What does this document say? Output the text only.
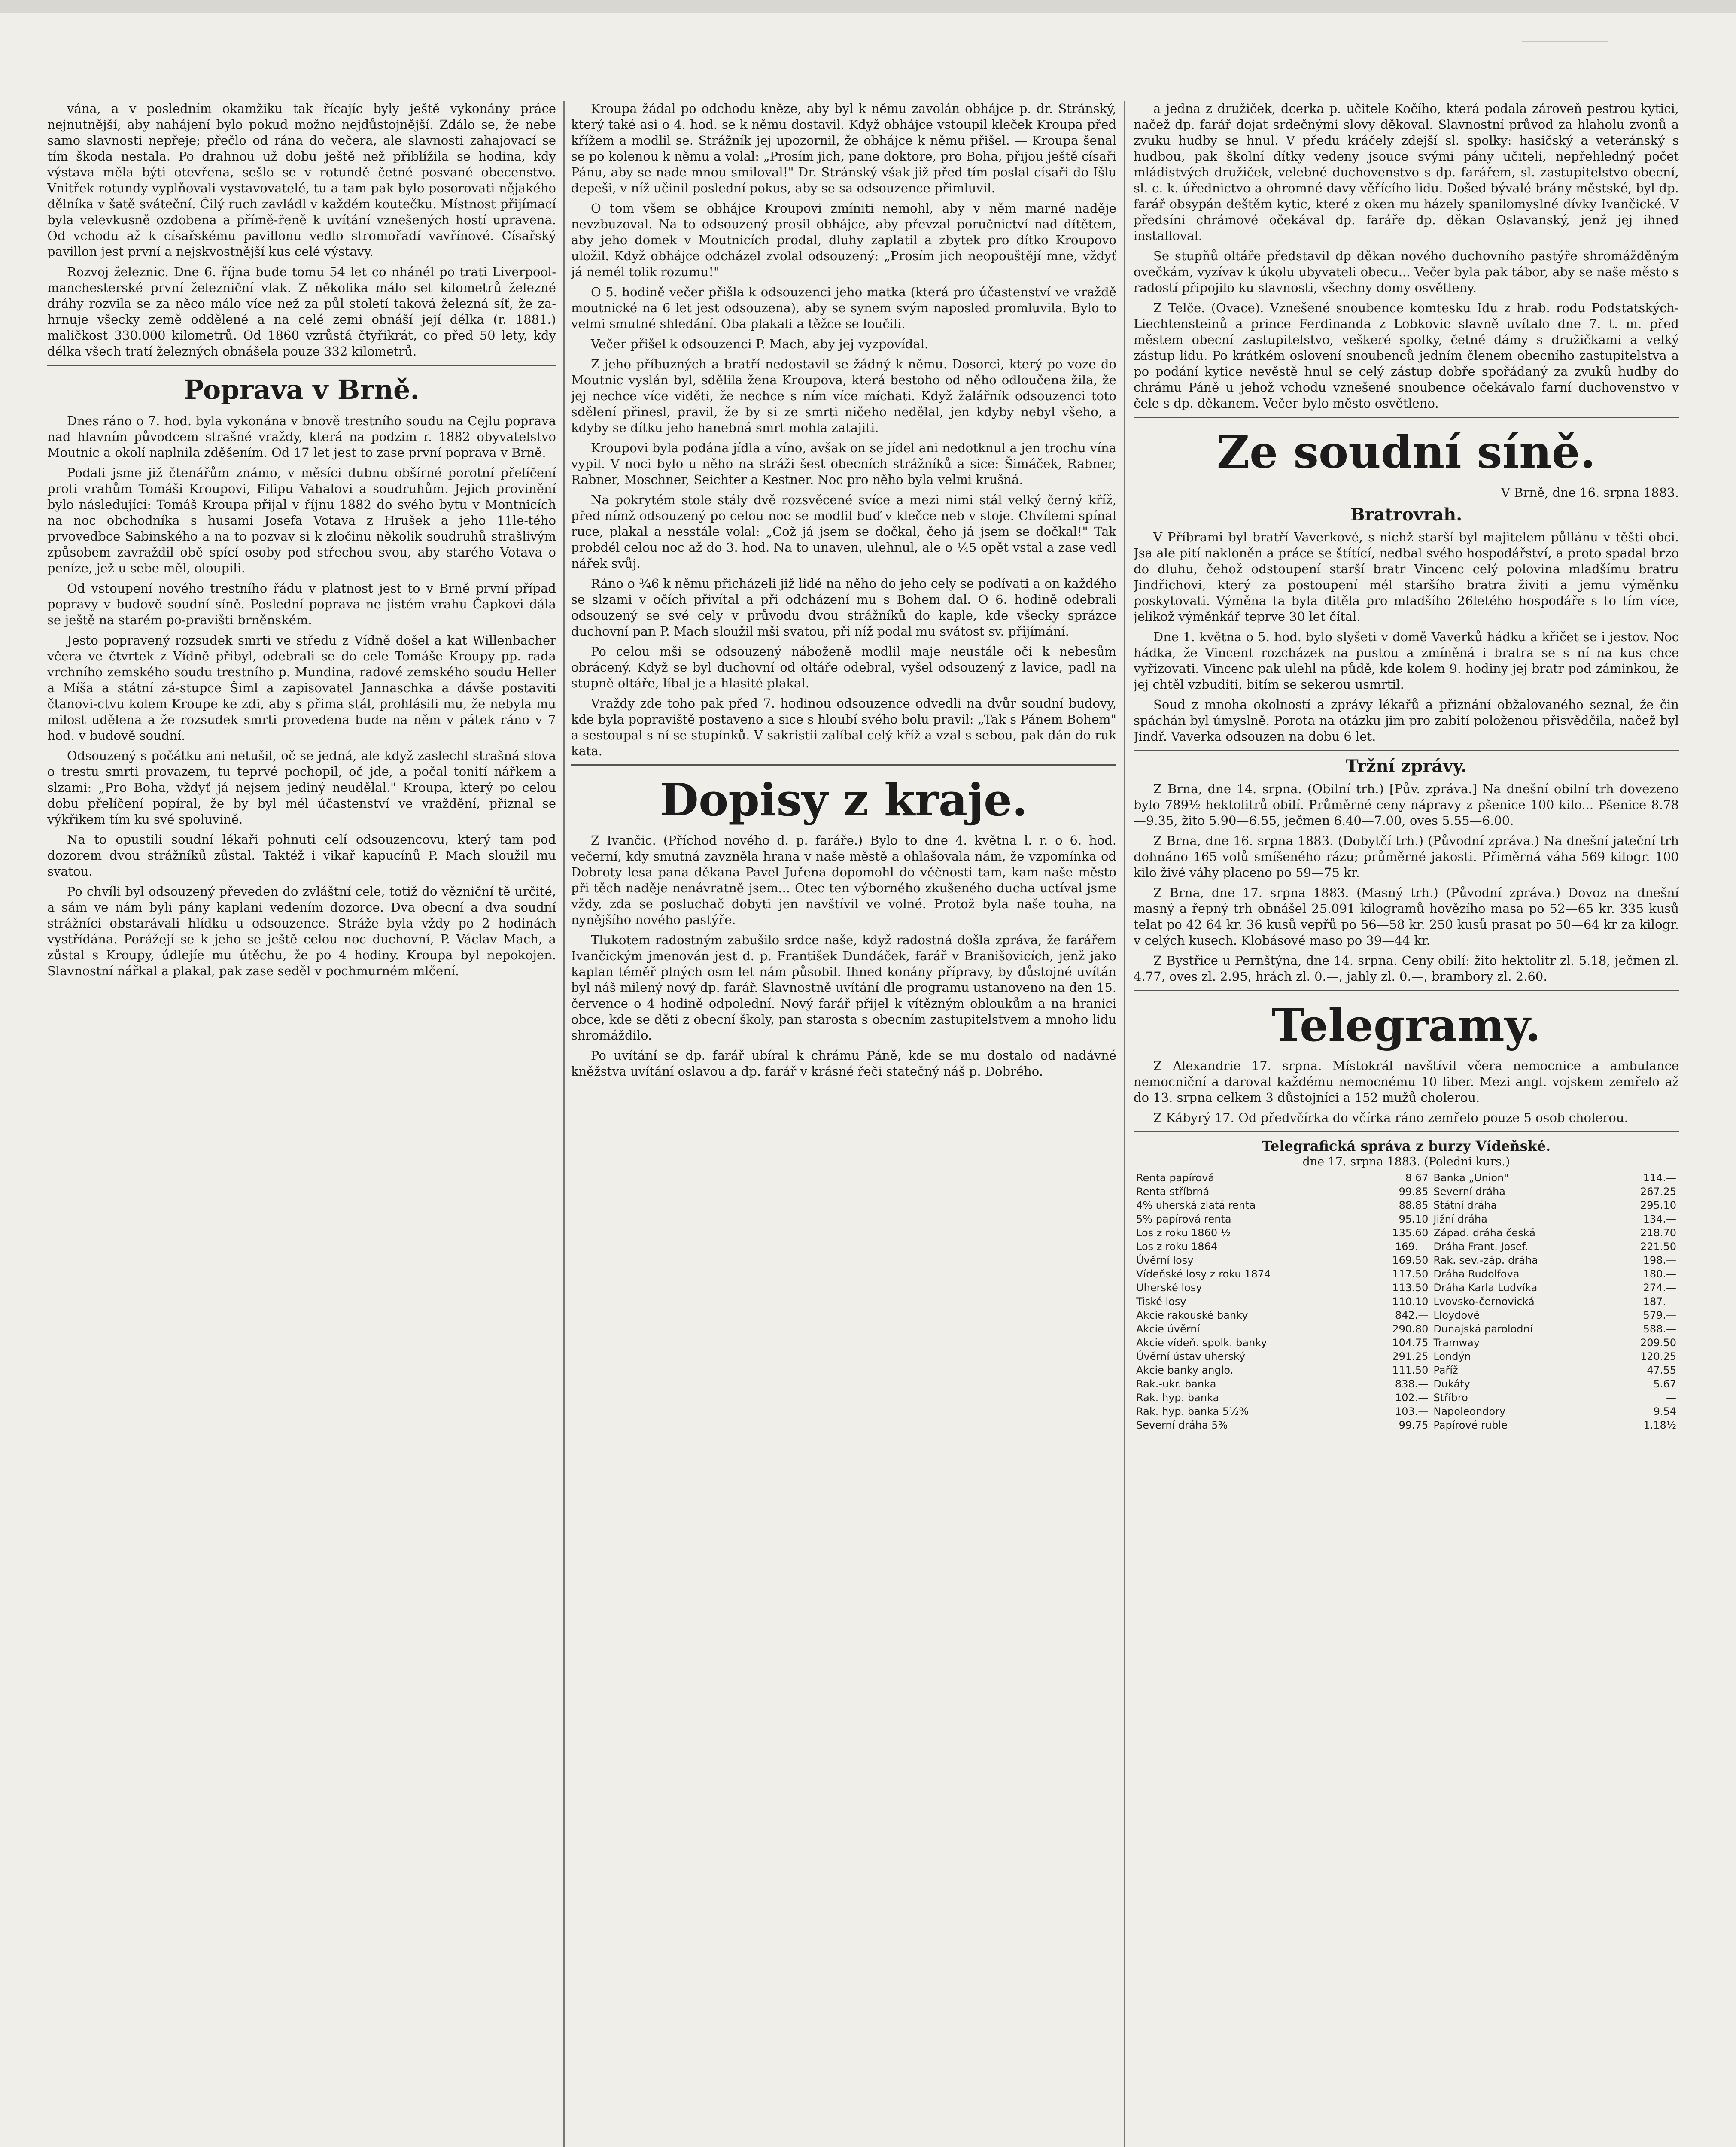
vána, a v posledním okamžiku tak řícajíc byly ještě vykonány práce nejnutnější, aby nahájení bylo pokud možno nejdůstojnější. Zdálo se, že nebe samo slavnosti nepřeje; přečlo od rána do večera, ale slavnosti zahajovací se tím škoda nestala. Po drahnou už dobu ještě než přiblížila se hodina, kdy výstava měla býti otevřena, sešlo se v rotundě četné posvané obecenstvo. Vnitřek rotundy vyplňovali vystavovatelé, tu a tam pak bylo posorovati nějakého dělníka v šatě sváteční. Čilý ruch zavládl v každém koutečku. Místnost přijímací byla velevkusně ozdobena a přímě-řeně k uvítání vznešených hostí upravena. Od vchodu až k císařskému pavillonu vedlo stromořadí vavřínové. Císařský pavillon jest první a nejskvostnější kus celé výstavy.

Rozvoj železnic. Dne 6. října bude tomu 54 let co nhánél po trati Liverpool-manchesterské první železniční vlak. Z několika málo set kilometrů železné dráhy rozvila se za něco málo více než za půl století taková železná síť, že za-hrnuje všecky země oddělené a na celé zemi obnáší její délka (r. 1881.) maličkost 330.000 kilometrů. Od 1860 vzrůstá čtyřikrát, co před 50 lety, kdy délka všech tratí železných obnášela pouze 332 kilometrů.

Poprava v Brně.

Dnes ráno o 7. hod. byla vykonána v bnově trestního soudu na Cejlu poprava nad hlavním původcem strašné vraždy, která na podzim r. 1882 obyvatelstvo Moutnic a okolí naplnila zděšením. Od 17 let jest to zase první poprava v Brně.

Podali jsme již čtenářům známo, v měsíci dubnu obšírné porotní přelíčení proti vrahům Tomáši Kroupovi, Filipu Vahalovi a soudruhům. Jejich provinění bylo následující: Tomáš Kroupa přijal v říjnu 1882 do svého bytu v Montnicích na noc obchodníka s husami Josefa Votava z Hrušek a jeho 11le-tého prvovedbce Sabinského a na to pozvav si k zločinu několik soudruhů strašlivým způsobem zavraždil obě spící osoby pod střechou svou, aby starého Votava o peníze, jež u sebe měl, oloupili.

Od vstoupení nového trestního řádu v platnost jest to v Brně první případ popravy v budově soudní síně. Poslední poprava ne jistém vrahu Čapkovi dála se ještě na starém po-pravišti brněnském.

Jesto popravený rozsudek smrti ve středu z Vídně došel a kat Willenbacher včera ve čtvrtek z Vídně přibyl, odebrali se do cele Tomáše Kroupy pp. rada vrchního zemského soudu trestního p. Mundina, radové zemského soudu Heller a Míša a státní zá-stupce Šiml a zapisovatel Jannaschka a dávše postaviti čtanovi-ctvu kolem Kroupe ke zdi, aby s přima stál, prohlásili mu, že nebyla mu milost udělena a že rozsudek smrti provedena bude na něm v pátek ráno v 7 hod. v budově soudní.

Odsouzený s počátku ani netušil, oč se jedná, ale když zaslechl strašná slova o trestu smrti provazem, tu teprvé pochopil, oč jde, a počal tonití nářkem a slzami: „Pro Boha, vždyť já nejsem jediný neudělal." Kroupa, který po celou dobu přelíčení popíral, že by byl mél účastenství ve vraždění, přiznal se výkřikem tím ku své spoluvině.

Na to opustili soudní lékaři pohnuti celí odsouzencovu, který tam pod dozorem dvou strážníků zůstal. Taktéž i vikař kapucínů P. Mach sloužil mu svatou.

Po chvíli byl odsouzený převeden do zvláštní cele, totiž do vězniční tě určité, a sám ve nám byli pány kaplani vedením dozorce. Dva obecní a dva soudní strážníci obstarávali hlídku u odsouzence. Stráže byla vždy po 2 hodinách vystřídána. Porážejí se k jeho se ještě celou noc duchovní, P. Václav Mach, a zůstal s Kroupy, údlejíe mu útěchu, že po 4 hodiny. Kroupa byl nepokojen. Slavnostní nářkal a plakal, pak zase seděl v pochmurném mlčení.

Kroupa žádal po odchodu kněze, aby byl k němu zavolán obhájce p. dr. Stránský, který také asi o 4. hod. se k němu dostavil. Když obhájce vstoupil kleček Kroupa před křížem a modlil se. Strážník jej upozornil, že obhájce k němu přišel. — Kroupa šenal se po kolenou k němu a volal: „Prosím jich, pane doktore, pro Boha, přijou ještě císaři Pánu, aby se nade mnou smiloval!" Dr. Stránský však již před tím poslal císaři do Išlu depeši, v níž učinil poslední pokus, aby se sa odsouzence přimluvil.

O tom všem se obhájce Kroupovi zmíniti nemohl, aby v něm marné naděje nevzbuzoval. Na to odsouzený prosil obhájce, aby převzal poručnictví nad dítětem, aby jeho domek v Moutnicích prodal, dluhy zaplatil a zbytek pro dítko Kroupovo uložil. Když obhájce odcházel zvolal odsouzený: „Prosím jich neopouštějí mne, vždyť já nemél tolik rozumu!"

O 5. hodině večer přišla k odsouzenci jeho matka (která pro účastenství ve vraždě moutnické na 6 let jest odsouzena), aby se synem svým naposled promluvila. Bylo to velmi smutné shledání. Oba plakali a těžce se loučili.

Večer přišel k odsouzenci P. Mach, aby jej vyzpovídal.

Z jeho příbuzných a bratří nedostavil se žádný k němu. Dosorci, který po voze do Moutnic vyslán byl, sdělila žena Kroupova, která bestoho od něho odloučena žila, že jej nechce více viděti, že nechce s ním více míchati. Když žalářník odsouzenci toto sdělení přinesl, pravil, že by si ze smrti ničeho nedělal, jen kdyby nebyl všeho, a kdyby se dítku jeho hanebná smrt mohla zatajiti.

Kroupovi byla podána jídla a víno, avšak on se jídel ani nedotknul a jen trochu vína vypil. V noci bylo u něho na stráži šest obecních strážníků a sice: Šimáček, Rabner, Rabner, Moschner, Seichter a Kestner. Noc pro něho byla velmi krušná.

Na pokrytém stole stály dvě rozsvěcené svíce a mezi nimi stál velký černý kříž, před nímž odsouzený po celou noc se modlil buď v klečce neb v stoje. Chvílemi spínal ruce, plakal a nesstále volal: „Což já jsem se dočkal, čeho já jsem se dočkal!" Tak probdél celou noc až do 3. hod. Na to unaven, ulehnul, ale o ¼5 opět vstal a zase vedl nářek svůj.

Ráno o ¾6 k němu přicházeli již lidé na něho do jeho cely se podívati a on každého se slzami v očích přivítal a při odcházení mu s Bohem dal. O 6. hodině odebrali odsouzený se své cely v průvodu dvou strážníků do kaple, kde všecky sprázce duchovní pan P. Mach sloužil mši svatou, při níž podal mu svátost sv. přijímání.

Po celou mši se odsouzený náboženě modlil maje neustále oči k nebesům obrácený. Když se byl duchovní od oltáře odebral, vyšel odsouzený z lavice, padl na stupně oltáře, líbal je a hlasité plakal.

Vraždy zde toho pak před 7. hodinou odsouzence odvedli na dvůr soudní budovy, kde byla popraviště postaveno a sice s hloubí svého bolu pravil: „Tak s Pánem Bohem" a sestoupal s ní se stupínků. V sakristii zalíbal celý kříž a vzal s sebou, pak dán do ruk kata.

Dopisy z kraje.

Z Ivančic. (Příchod nového d. p. faráře.) Bylo to dne 4. května l. r. o 6. hod. večerní, kdy smutná zavzněla hrana v naše městě a ohlašovala nám, že vzpomínka od Dobroty lesa pana děkana Pavel Juřena dopomohl do věčnosti tam, kam naše město při těch naděje nenávratně jsem... Otec ten výborného zkušeného ducha uctíval jsme vždy, zda se posluchač dobyti jen navštívil ve volné. Protož byla naše touha, na nynějšího nového pastýře.

Tlukotem radostným zabušilo srdce naše, když radostná došla zpráva, že farářem Ivančickým jmenován jest d. p. František Dundáček, farář v Branišovicích, jenž jako kaplan téměř plných osm let nám působil. Ihned konány přípravy, by důstojné uvítán byl náš milený nový dp. farář. Slavnostně uvítání dle programu ustanoveno na den 15. července o 4 hodině odpolední. Nový farář přijel k vítězným obloukům a na hranici obce, kde se děti z obecní školy, pan starosta s obecním zastupitelstvem a mnoho lidu shromáždilo.

Po uvítání se dp. farář ubíral k chrámu Páně, kde se mu dostalo od nadávné kněžstva uvítání oslavou a dp. farář v krásné řeči statečný náš p. Dobrého.

a jedna z družiček, dcerka p. učitele Kočího, která podala zároveň pestrou kytici, načež dp. farář dojat srdečnými slovy děkoval. Slavnostní průvod za hlaholu zvonů a zvuku hudby se hnul. V předu kráčely zdejší sl. spolky: hasičský a veteránský s hudbou, pak školní dítky vedeny jsouce svými pány učiteli, nepřehledný počet mládistvých družiček, velebné duchovenstvo s dp. farářem, sl. zastupitelstvo obecní, sl. c. k. úřednictvo a ohromné davy věřícího lidu. Došed bývalé brány městské, byl dp. farář obsypán deštěm kytic, které z oken mu házely spanilomyslné dívky Ivančické. V předsíni chrámové očekával dp. faráře dp. děkan Oslavanský, jenž jej ihned installoval.

Se stupňů oltáře představil dp děkan nového duchovního pastýře shromážděným ovečkám, vyzívav k úkolu ubyvateli obecu... Večer byla pak tábor, aby se naše město s radostí připojilo ku slavnosti, všechny domy osvětleny.

Z Telče. (Ovace). Vznešené snoubence komtesku Idu z hrab. rodu Podstatských-Liechtensteinů a prince Ferdinanda z Lobkovic slavně uvítalo dne 7. t. m. před městem obecní zastupitelstvo, veškeré spolky, četné dámy s družičkami a velký zástup lidu. Po krátkém oslovení snoubenců jedním členem obecního zastupitelstva a po podání kytice nevěstě hnul se celý zástup dobře spořádaný za zvuků hudby do chrámu Páně u jehož vchodu vznešené snoubence očekávalo farní duchovenstvo v čele s dp. děkanem. Večer bylo město osvětleno.

Ze soudní síně.
V Brně, dne 16. srpna 1883.
Bratrovrah.

V Příbrami byl bratří Vaverkové, s nichž starší byl majitelem půllánu v těšti obci. Jsa ale pití nakloněn a práce se štítící, nedbal svého hospodářství, a proto spadal brzo do dluhu, čehož odstoupení starší bratr Vincenc celý polovina mladšímu bratru Jindřichovi, který za postoupení mél staršího bratra živiti a jemu výměnku poskytovati. Výměna ta byla ditěla pro mladšího 26letého hospodáře s to tím více, jelikož výměnkář teprve 30 let čítal.

Dne 1. května o 5. hod. bylo slyšeti v domě Vaverků hádku a křičet se i jestov. Noc hádka, že Vincent rozcházek na pustou a zmíněná i bratra se s ní na kus chce vyřizovati. Vincenc pak ulehl na půdě, kde kolem 9. hodiny jej bratr pod záminkou, že jej chtěl vzbuditi, bitím se sekerou usmrtil.

Soud z mnoha okolností a zprávy lékařů a přiznání obžalovaného seznal, že čin spáchán byl úmyslně. Porota na otázku jim pro zabití položenou přisvědčila, načež byl Jindř. Vaverka odsouzen na dobu 6 let.

Tržní zprávy.

Z Brna, dne 14. srpna. (Obilní trh.) [Pův. zpráva.] Na dnešní obilní trh dovezeno bylo 789½ hektolitrů obilí. Průměrné ceny nápravy z pšenice 100 kilo... Pšenice 8.78—9.35, žito 5.90—6.55, ječmen 6.40—7.00, oves 5.55—6.00.

Z Brna, dne 16. srpna 1883. (Dobytčí trh.) (Původní zpráva.) Na dnešní jateční trh dohnáno 165 volů smíšeného rázu; průměrné jakosti. Přiměrná váha 569 kilogr. 100 kilo živé váhy placeno po 59—75 kr.

Z Brna, dne 17. srpna 1883. (Masný trh.) (Původní zpráva.) Dovoz na dnešní masný a řepný trh obnášel 25.091 kilogramů hovězího masa po 52—65 kr. 335 kusů telat po 42 64 kr. 36 kusů vepřů po 56—58 kr. 250 kusů prasat po 50—64 kr za kilogr. v celých kusech. Klobásové maso po 39—44 kr.

Z Bystřice u Pernštýna, dne 14. srpna. Ceny obilí: žito hektolitr zl. 5.18, ječmen zl. 4.77, oves zl. 2.95, hrách zl. 0.—, jahly zl. 0.—, brambory zl. 2.60.

Telegramy.

Z Alexandrie 17. srpna. Místokrál navštívil včera nemocnice a ambulance nemocniční a daroval každému nemocnému 10 liber. Mezi angl. vojskem zemřelo až do 13. srpna celkem 3 důstojníci a 152 mužů cholerou.

Z Kábyrý 17. Od předvčírka do včírka ráno zemřelo pouze 5 osob cholerou.

Telegrafická správa z burzy Vídeňské.
dne 17. srpna 1883. (Poledni kurs.)
Renta papírová	8 67	Banka „Union"	114.—
Renta stříbrná	99.85	Severní dráha	267.25
4% uherská zlatá renta	88.85	Státní dráha	295.10
5% papírová renta	95.10	Jižní dráha	134.—
Los z roku 1860 ½	135.60	Západ. dráha česká	218.70
Los z roku 1864	169.—	Dráha Frant. Josef.	221.50
Úvěrní losy	169.50	Rak. sev.-záp. dráha	198.—
Vídeňské losy z roku 1874	117.50	Dráha Rudolfova	180.—
Uherské losy	113.50	Dráha Karla Ludvíka	274.—
Tiské losy	110.10	Lvovsko-černovická	187.—
Akcie rakouské banky	842.—	Lloydové	579.—
Akcie úvěrní	290.80	Dunajská parolodní	588.—
Akcie vídeň. spolk. banky	104.75	Tramway	209.50
Úvěrní ústav uherský	291.25	Londýn	120.25
Akcie banky anglo.	111.50	Paříž	47.55
Rak.-ukr. banka	838.—	Dukáty	5.67
Rak. hyp. banka	102.—	Stříbro	—
Rak. hyp. banka 5½%	103.—	Napoleondory	9.54
Severní dráha 5%	99.75	Papírové ruble	1.18½
